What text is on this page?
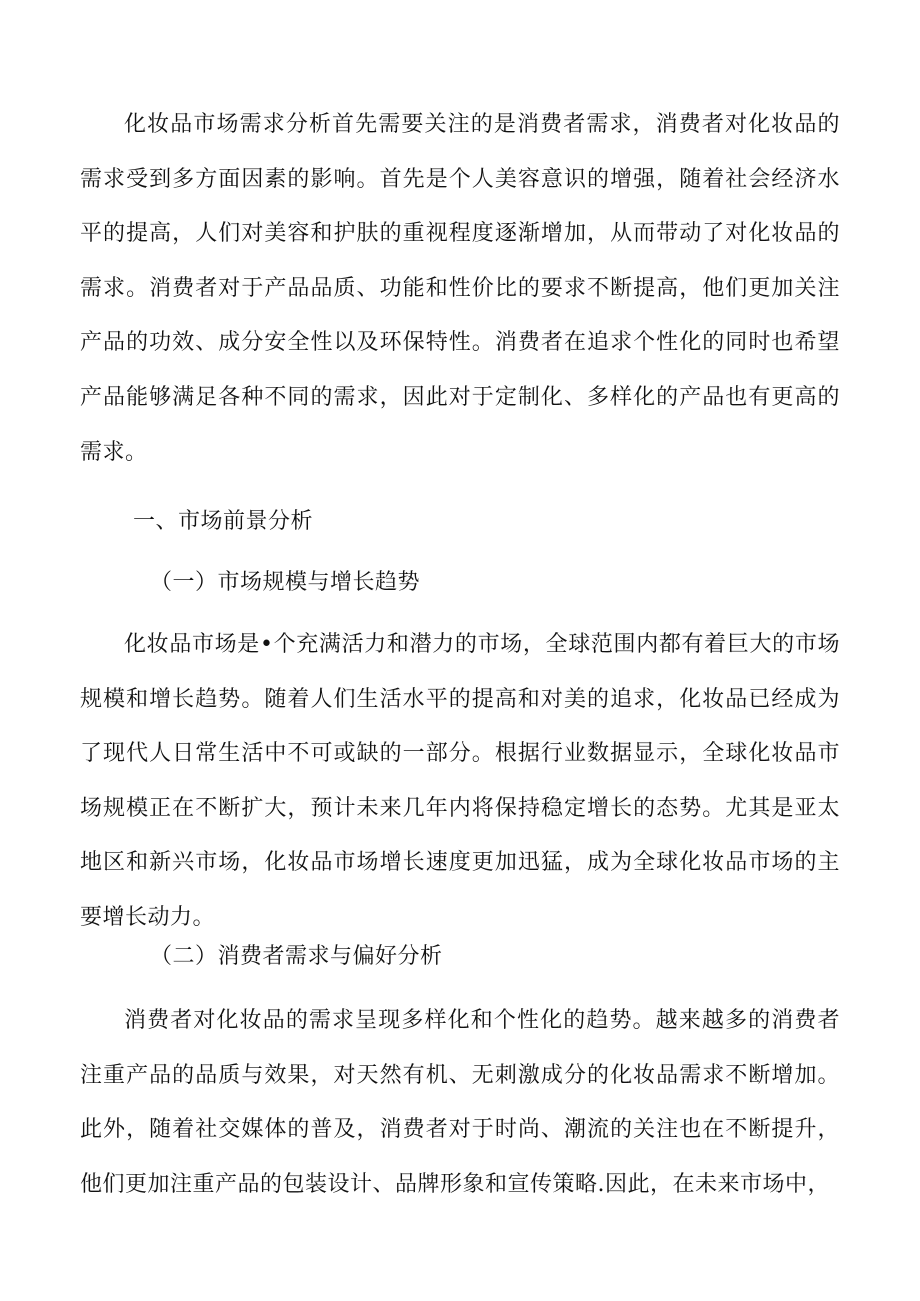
化妆品市场需求分析首先需要关注的是消费者需求，消费者对化妆品的需求受到多方面因素的影响。首先是个人美容意识的增强，随着社会经济水平的提高，人们对美容和护肤的重视程度逐渐增加，从而带动了对化妆品的需求。消费者对于产品品质、功能和性价比的要求不断提高，他们更加关注产品的功效、成分安全性以及环保特性。消费者在追求个性化的同时也希望产品能够满足各种不同的需求，因此对于定制化、多样化的产品也有更高的需求。

一、市场前景分析
（一）市场规模与增长趋势

化妆品市场是•个充满活力和潜力的市场，全球范围内都有着巨大的市场规模和增长趋势。随着人们生活水平的提高和对美的追求，化妆品已经成为了现代人日常生活中不可或缺的一部分。根据行业数据显示，全球化妆品市场规模正在不断扩大，预计未来几年内将保持稳定增长的态势。尤其是亚太地区和新兴市场，化妆品市场增长速度更加迅猛，成为全球化妆品市场的主要增长动力。

（二）消费者需求与偏好分析

消费者对化妆品的需求呈现多样化和个性化的趋势。越来越多的消费者注重产品的品质与效果，对天然有机、无刺激成分的化妆品需求不断增加。此外，随着社交媒体的普及，消费者对于时尚、潮流的关注也在不断提升，他们更加注重产品的包装设计、品牌形象和宣传策略.因此，在未来市场中，
